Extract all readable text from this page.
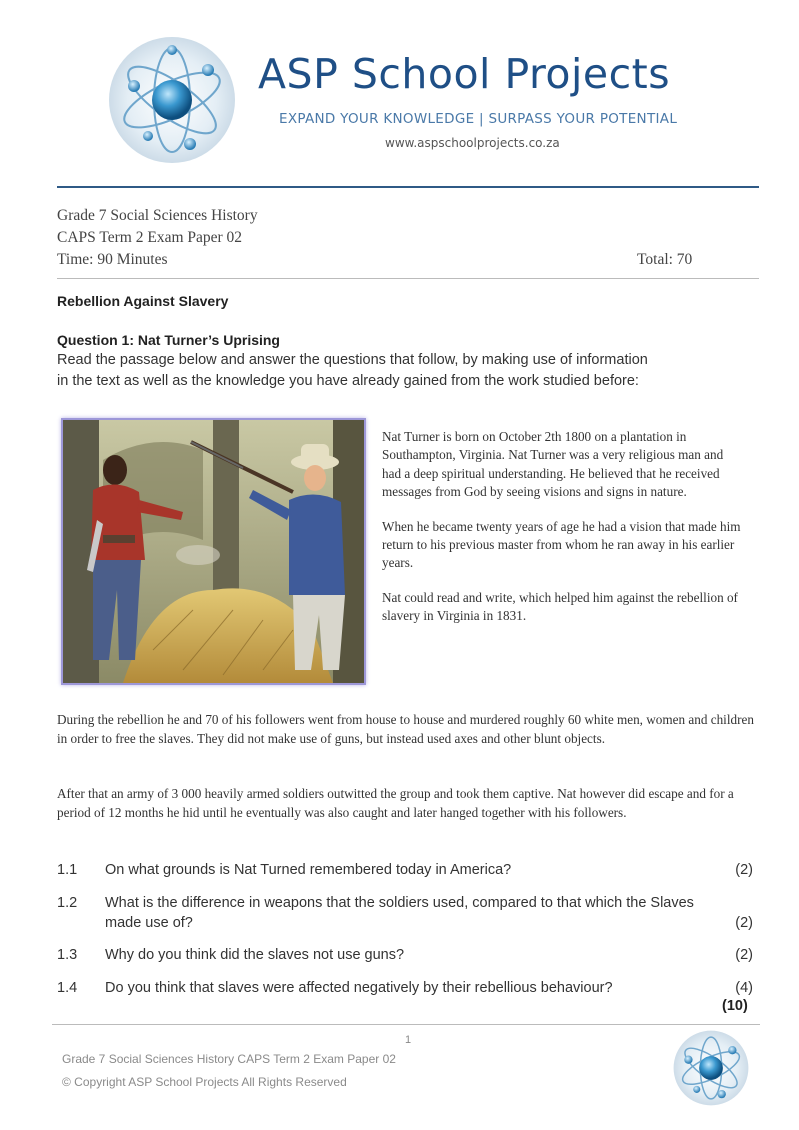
ASP School Projects
EXPAND YOUR KNOWLEDGE | SURPASS YOUR POTENTIAL
www.aspschoolprojects.co.za
Grade 7 Social Sciences History
CAPS Term 2 Exam Paper 02
Time: 90 Minutes	Total: 70
Rebellion Against Slavery
Question 1: Nat Turner’s Uprising
Read the passage below and answer the questions that follow, by making use of information
in the text as well as the knowledge you have already gained from the work studied before:

Nat Turner is born on October 2th 1800 on a plantation in Southampton, Virginia. Nat Turner was a very religious man and had a deep spiritual understanding. He believed that he received messages from God by seeing visions and signs in nature.

When he became twenty years of age he had a vision that made him return to his previous master from whom he ran away in his earlier years.

Nat could read and write, which helped him against the rebellion of slavery in Virginia in 1831.

During the rebellion he and 70 of his followers went from house to house and murdered roughly 60 white men, women and children in order to free the slaves. They did not make use of guns, but instead used axes and other blunt objects.
After that an army of 3 000 heavily armed soldiers outwitted the group and took them captive. Nat however did escape and for a period of 12 months he hid until he eventually was also caught and later hanged together with his followers.
1.1 On what grounds is Nat Turned remembered today in America?	(2)
1.2 What is the difference in weapons that the soldiers used, compared to that which the Slaves made use of?	(2)
1.3 Why do you think did the slaves not use guns?	(2)
1.4 Do you think that slaves were affected negatively by their rebellious behaviour?	(4)
(10)
1
Grade 7 Social Sciences History CAPS Term 2 Exam Paper 02
© Copyright ASP School Projects All Rights Reserved
